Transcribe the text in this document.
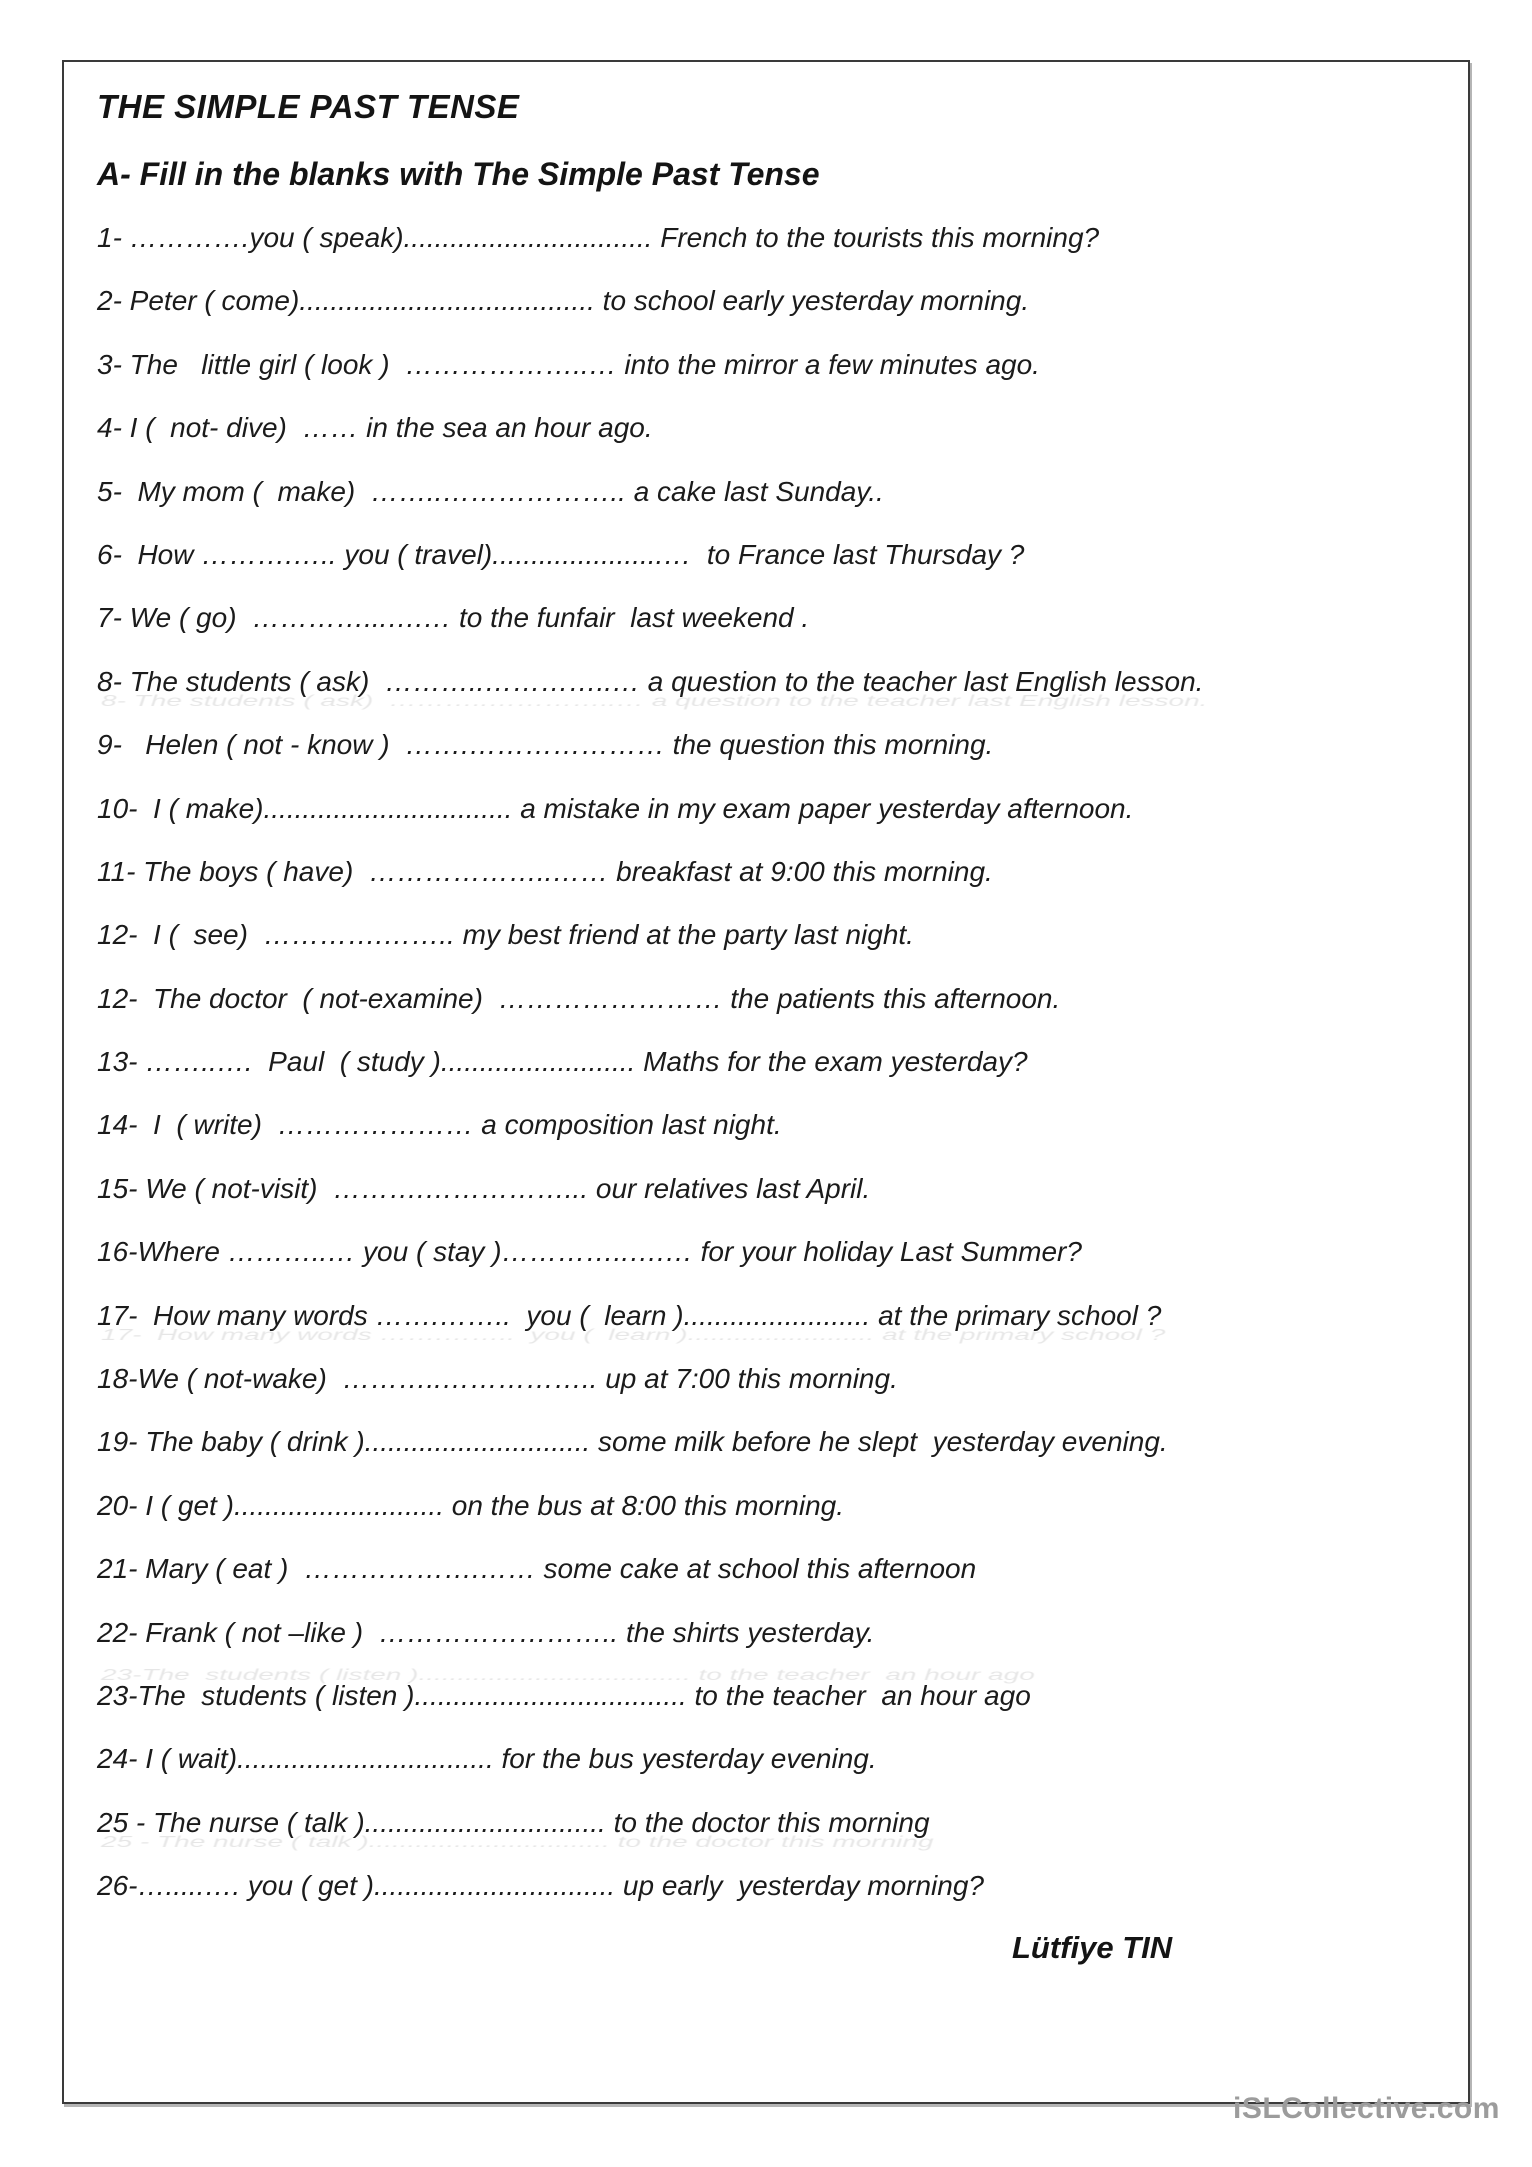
THE SIMPLE PAST TENSE
A- Fill in the blanks with The Simple Past Tense
1- ………….you ( speak)................................ French to the tourists this morning?
2- Peter ( come)...................................... to school early yesterday morning.
3- The   little girl ( look )  ………………..… into the mirror a few minutes ago.
4- I (  not- dive)  …… in the sea an hour ago.
5-  My mom (  make)  ……..……………….. a cake last Sunday..
6-  How ……….….. you ( travel)......................…  to France last Thursday ?
7- We ( go)  …………...….… to the funfair  last weekend .
8- The students ( ask)  ………..…………..… a question to the teacher last English lesson.
8- The students ( ask)  ………..…………..… a question to the teacher last English lesson.
9-   Helen ( not - know )  …….………………… the question this morning.
10-  I ( make)................................ a mistake in my exam paper yesterday afternoon.
11- The boys ( have)  ………………..…… breakfast at 9:00 this morning.
12-  I (  see)  ………….…….. my best friend at the party last night.
12-  The doctor  ( not-examine)  …………………… the patients this afternoon.
13- ……..….  Paul  ( study )......................... Maths for the exam yesterday?
14-  I  ( write)  ………………… a composition last night.
15- We ( not-visit)  ……….……………... our relatives last April.
16-Where ………..… you ( stay )…………..….… for your holiday Last Summer?
17-  How many words …….……..  you (  learn )........................ at the primary school ?
17-  How many words …….……..  you (  learn )........................ at the primary school ?
18-We ( not-wake)  ………..…………….. up at 7:00 this morning.
19- The baby ( drink )............................. some milk before he slept  yesterday evening.
20- I ( get )........................... on the bus at 8:00 this morning.
21- Mary ( eat )  ……………….…… some cake at school this afternoon
22- Frank ( not –like )  …………………….. the shirts yesterday.
23-The  students ( listen )................................... to the teacher  an hour ago
23-The  students ( listen )................................... to the teacher  an hour ago
24- I ( wait)................................. for the bus yesterday evening.
25 - The nurse ( talk )............................... to the doctor this morning
25 - The nurse ( talk )............................... to the doctor this morning
26-….....…. you ( get )............................... up early  yesterday morning?
Lütfiye TIN
iSLCollective.com
